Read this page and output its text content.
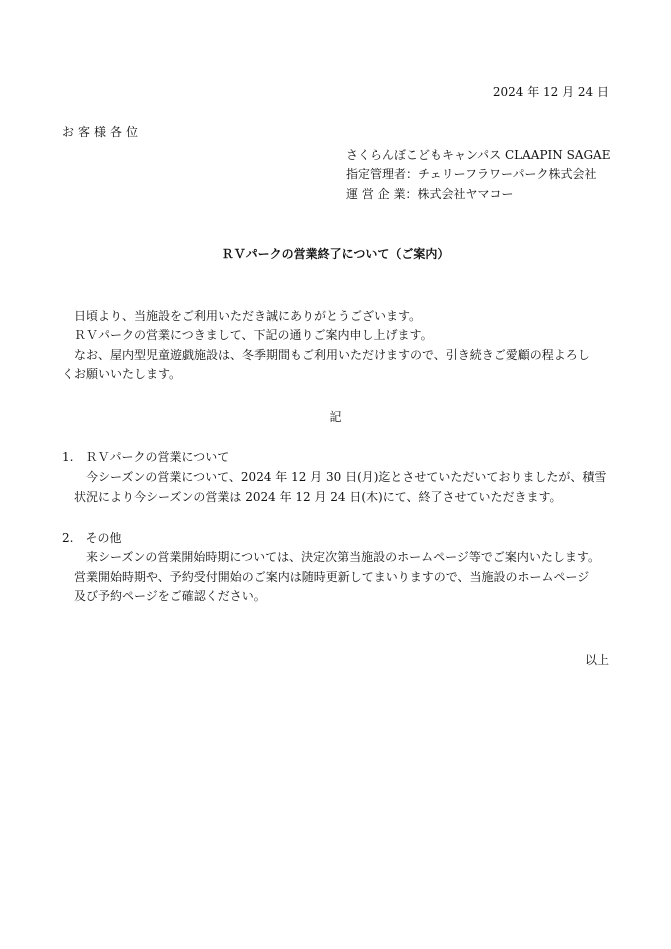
2024 年 12 月 24 日
お客様各位
さくらんぼこどもキャンパス CLAAPIN SAGAE
指定管理者：チェリーフラワーパーク株式会社
運 営 企 業：株式会社ヤマコー
ＲＶパークの営業終了について（ご案内）
日頃より、当施設をご利用いただき誠にありがとうございます。
ＲＶパークの営業につきまして、下記の通りご案内申し上げます。
なお、屋内型児童遊戯施設は、冬季期間もご利用いただけますので、引き続きご愛顧の程よろし
くお願いいたします。
記
1.　ＲＶパークの営業について
今シーズンの営業について、2024 年 12 月 30 日(月)迄とさせていただいておりましたが、積雪
状況により今シーズンの営業は 2024 年 12 月 24 日(木)にて、終了させていただきます。
2.　その他
来シーズンの営業開始時期については、決定次第当施設のホームページ等でご案内いたします。
営業開始時期や、予約受付開始のご案内は随時更新してまいりますので、当施設のホームページ
及び予約ページをご確認ください。
以上
